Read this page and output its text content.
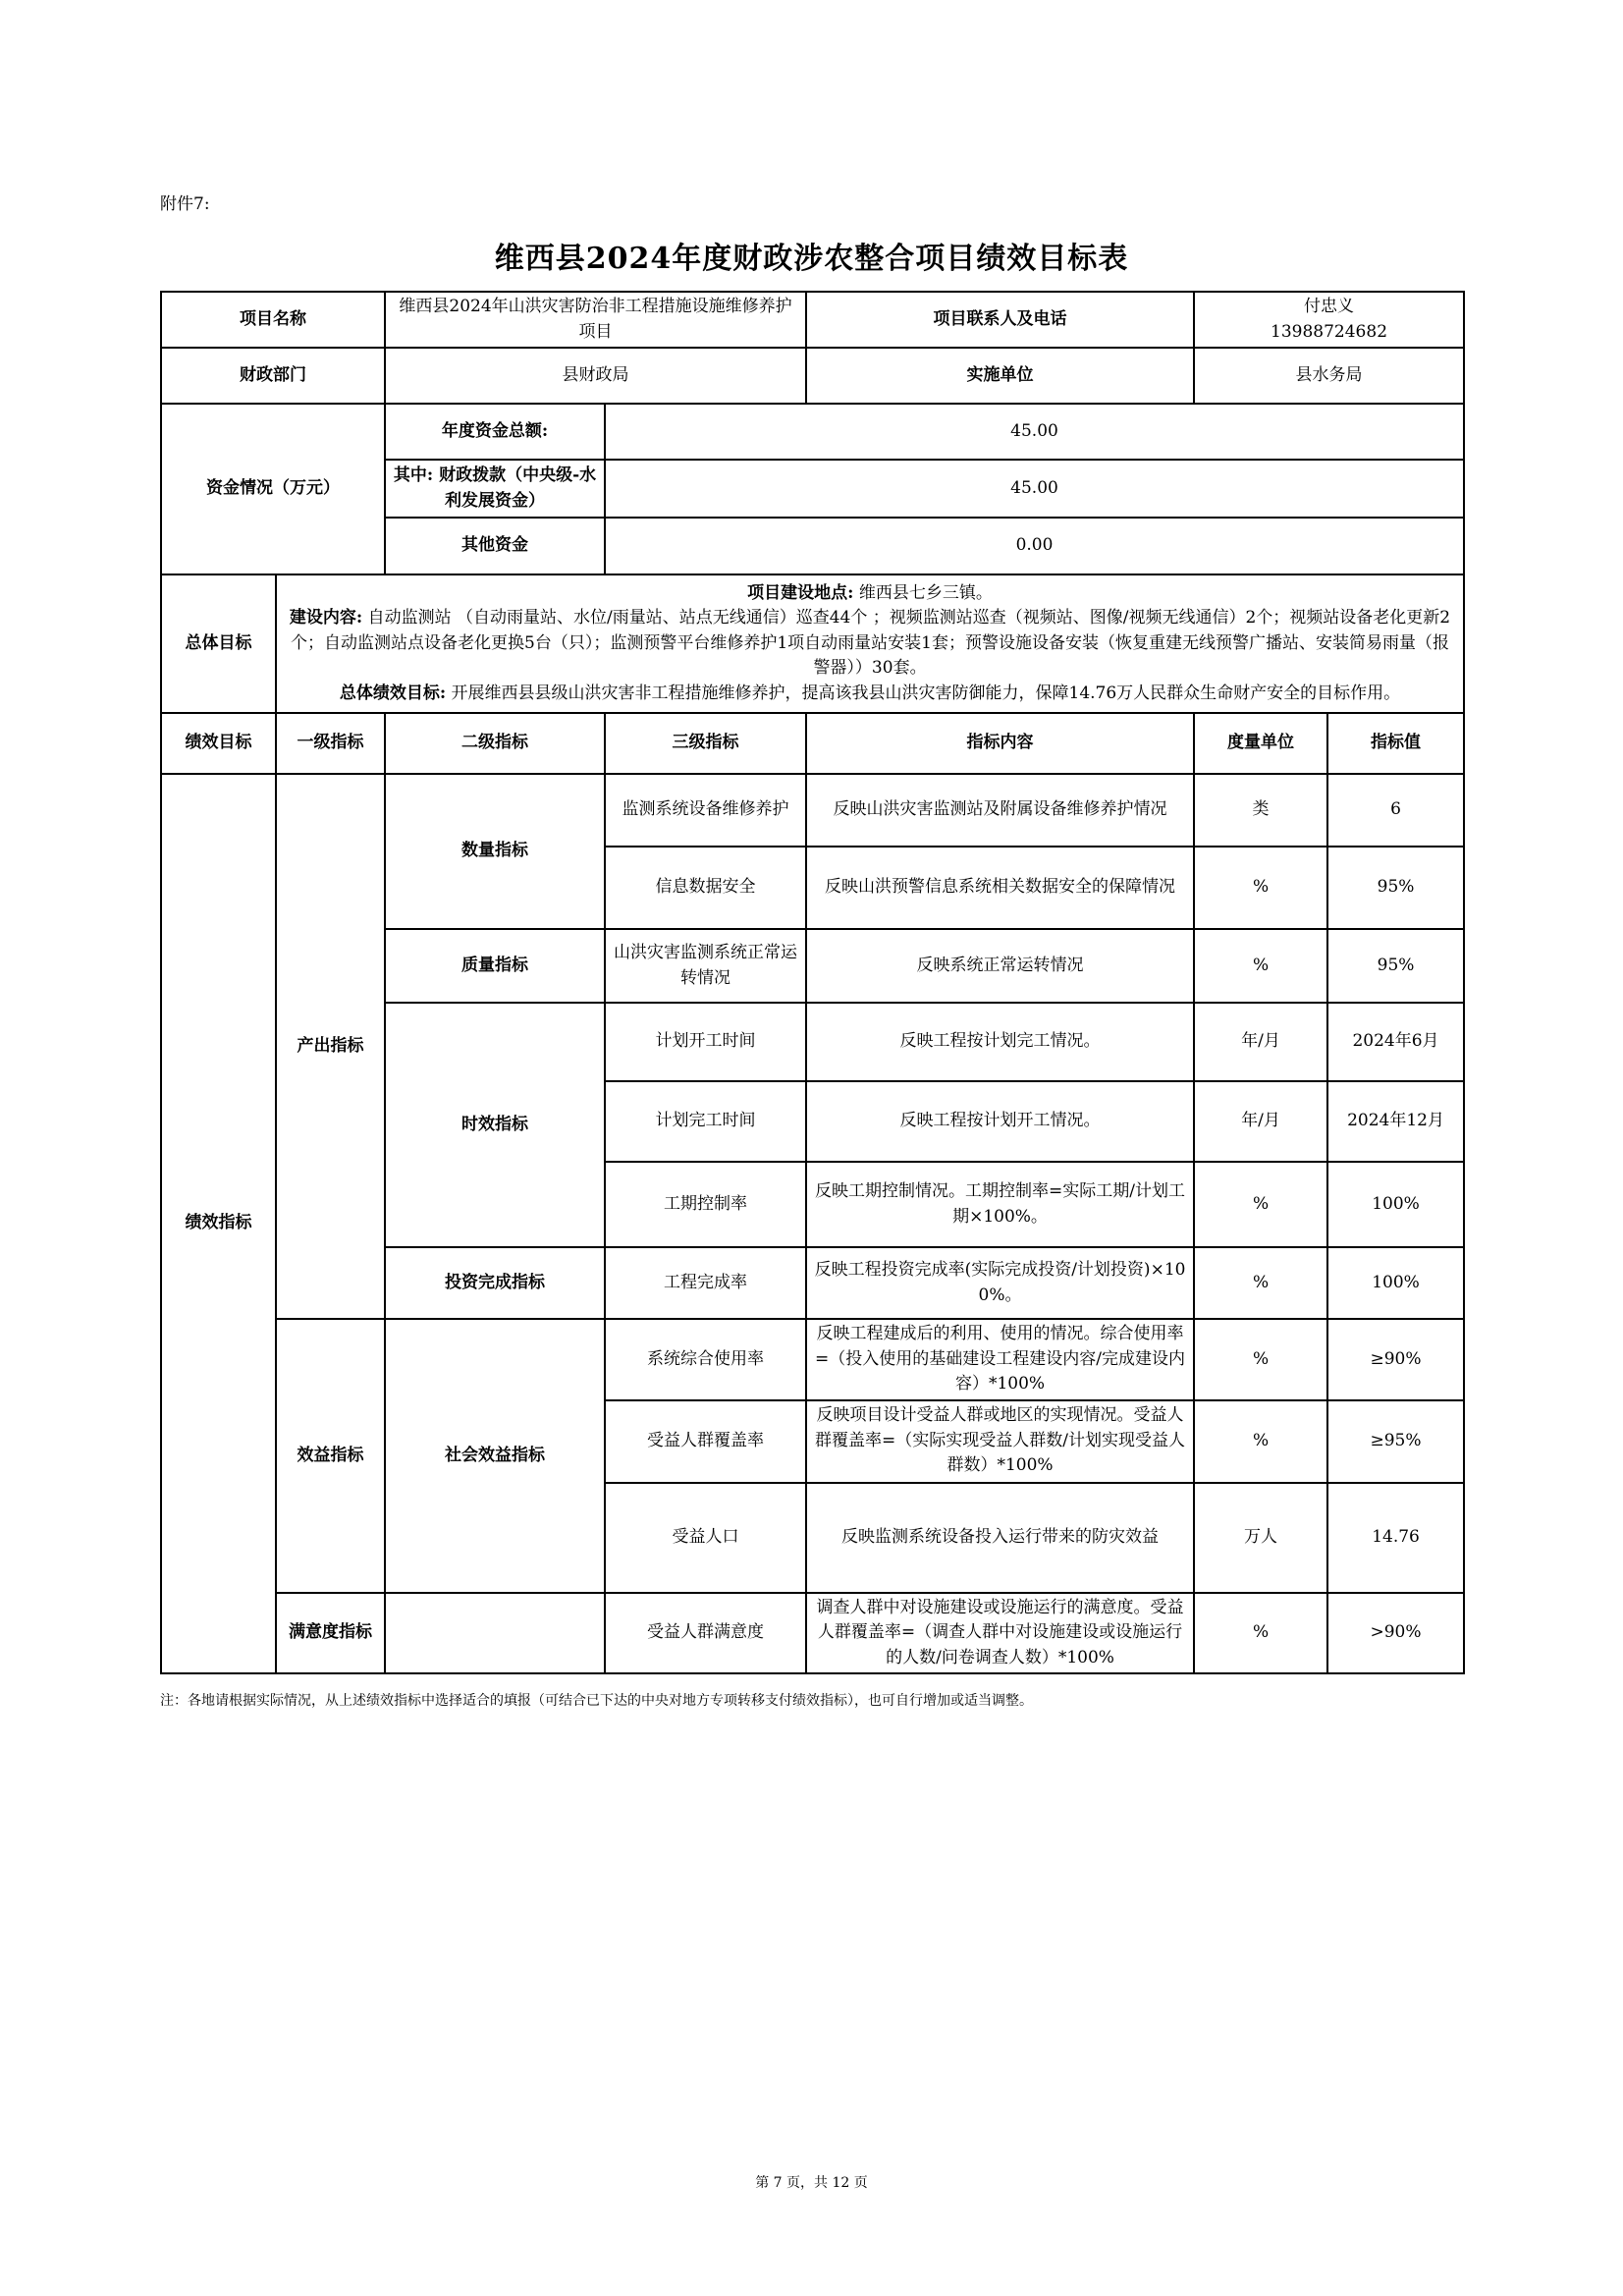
附件7:
维西县2024年度财政涉农整合项目绩效目标表
项目名称		维西县2024年山洪灾害防治非工程措施设施维修养护项目		项目联系人及电话	付忠义
13988724682	

财政部门		县财政局		实施单位	县水务局	
资金情况（万元）		年度资金总额:	45.00			
		其中: 财政拨款（中央级-水利发展资金）	45.00			
		其他资金	0.00			
总体目标	项目建设地点: 维西县七乡三镇。

建设内容: 自动监测站 （自动雨量站、水位/雨量站、站点无线通信）巡查44个 ；视频监测站巡查（视频站、图像/视频无线通信）2个；视频站设备老化更新2个；自动监测站点设备老化更换5台（只）；监测预警平台维修养护1项自动雨量站安装1套；预警设施设备安装（恢复重建无线预警广播站、安装简易雨量（报警器））30套。

总体绩效目标: 开展维西县县级山洪灾害非工程措施维修养护，提高该我县山洪灾害防御能力，保障14.76万人民群众生命财产安全的目标作用。					

绩效目标	一级指标	二级指标	三级指标	指标内容	度量单位	指标值
绩效指标	产出指标	数量指标	监测系统设备维修养护	反映山洪灾害监测站及附属设备维修养护情况	类	6
			信息数据安全	反映山洪预警信息系统相关数据安全的保障情况	%	95%
		质量指标	山洪灾害监测系统正常运转情况	反映系统正常运转情况	%	95%
		时效指标	计划开工时间	反映工程按计划完工情况。	年/月	2024年6月
			计划完工时间	反映工程按计划开工情况。	年/月	2024年12月
			工期控制率	反映工期控制情况。工期控制率=实际工期/计划工期×100%。	%	100%
		投资完成指标	工程完成率	反映工程投资完成率(实际完成投资/计划投资)×100%。	%	100%
	效益指标	社会效益指标	系统综合使用率	反映工程建成后的利用、使用的情况。综合使用率=（投入使用的基础建设工程建设内容/完成建设内容）*100%	%	≥90%
			受益人群覆盖率	反映项目设计受益人群或地区的实现情况。受益人群覆盖率=（实际实现受益人群数/计划实现受益人群数）*100%	%	≥95%
			受益人口	反映监测系统设备投入运行带来的防灾效益	万人	14.76
	满意度指标		受益人群满意度	调查人群中对设施建设或设施运行的满意度。受益人群覆盖率=（调查人群中对设施建设或设施运行的人数/问卷调查人数）*100%	%	>90%
注：各地请根据实际情况，从上述绩效指标中选择适合的填报（可结合已下达的中央对地方专项转移支付绩效指标），也可自行增加或适当调整。
第 7 页，共 12 页
